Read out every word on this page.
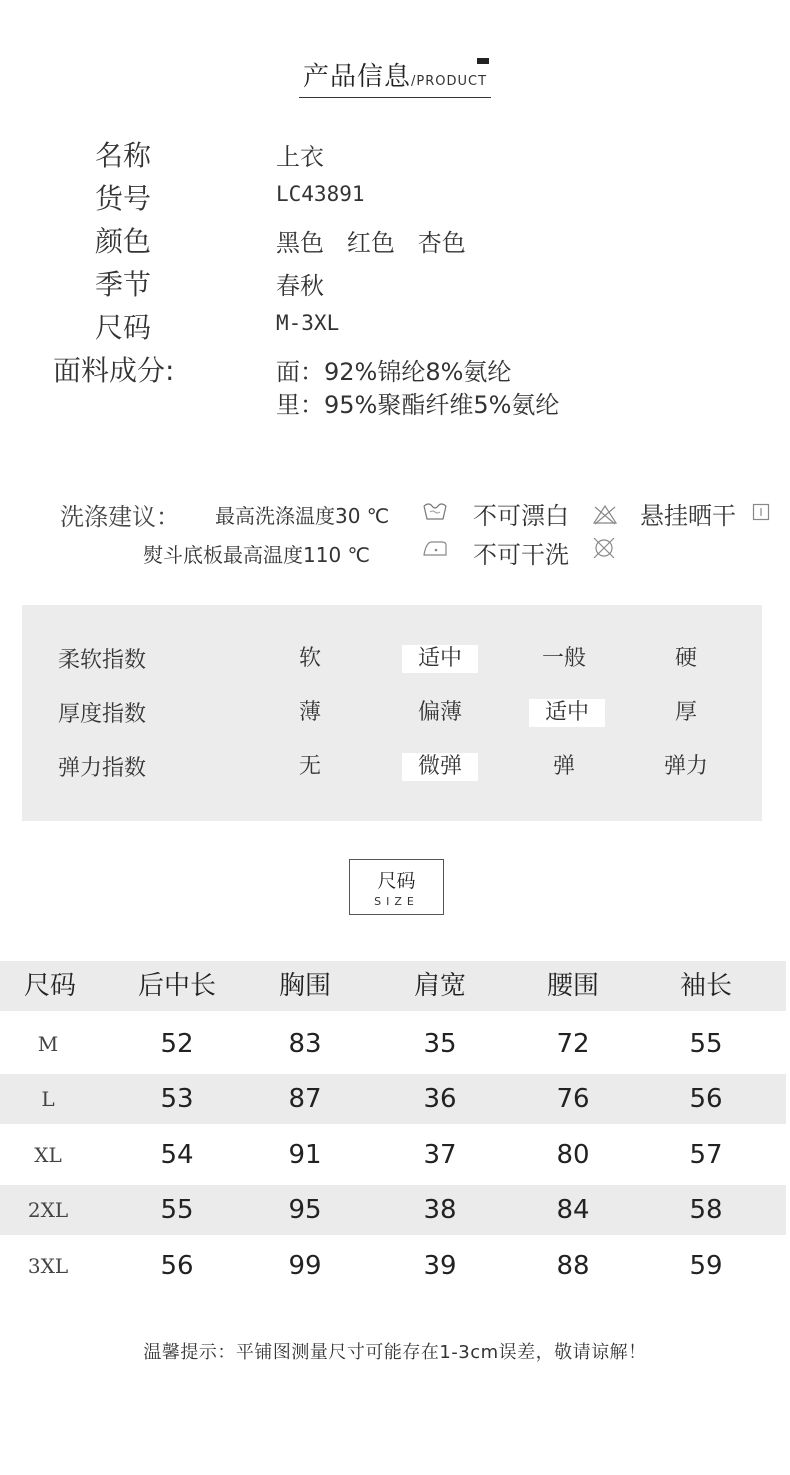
产品信息/PRODUCT
名称	上衣
货号	LC43891
颜色	黑色   红色   杏色
季节	春秋
尺码	M-3XL
面料成分:	面：92%锦纶8%氨纶
里：95%聚酯纤维5%氨纶
洗涤建议： 最高洗涤温度30 ℃	不可漂白	悬挂晒干
熨斗底板最高温度110 ℃	不可干洗
柔软指数	软	适中	一般	硬
厚度指数	薄	偏薄	适中	厚
弹力指数	无	微弹	弹	弹力
尺码
SIZE
尺码	后中长	胸围	肩宽	腰围	袖长
M	52	83	35	72	55
L	53	87	36	76	56
XL	54	91	37	80	57
2XL	55	95	38	84	58
3XL	56	99	39	88	59
温馨提示：平铺图测量尺寸可能存在1-3cm误差，敬请谅解！
